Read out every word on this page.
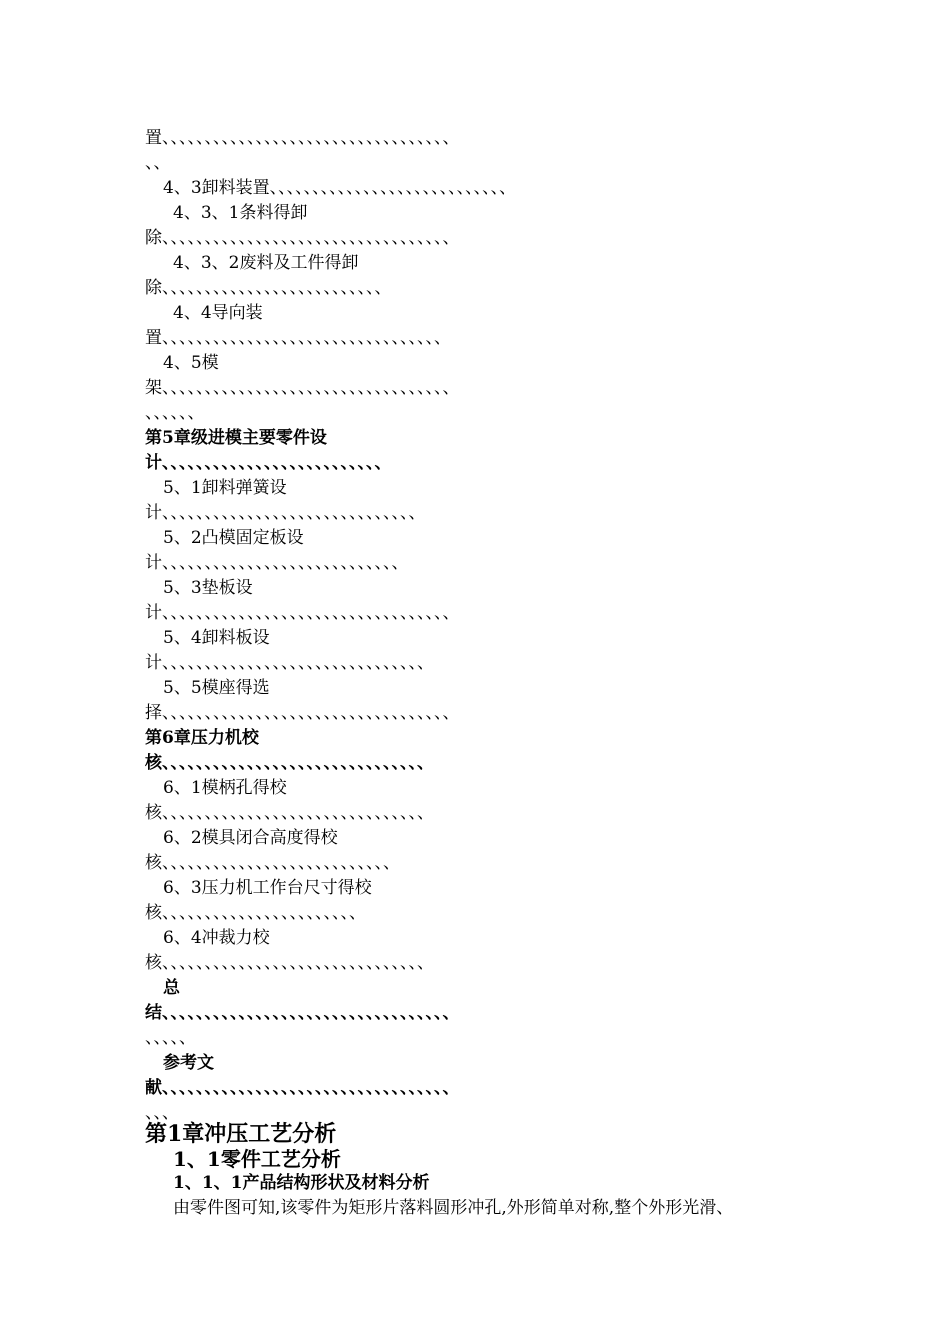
置、、、、、、、、、、、、、、、、、、、、、、、、、、、、、、、、、、
、、
4、3卸料装置、、、、、、、、、、、、、、、、、、、、、、、、、、、、
4、3、1条料得卸
除、、、、、、、、、、、、、、、、、、、、、、、、、、、、、、、、、、
4、3、2废料及工件得卸
除、、、、、、、、、、、、、、、、、、、、、、、、、、
4、4导向装
置、、、、、、、、、、、、、、、、、、、、、、、、、、、、、、、、、
4、5模
架、、、、、、、、、、、、、、、、、、、、、、、、、、、、、、、、、、
、、、、、、
第5章级进模主要零件设
计、、、、、、、、、、、、、、、、、、、、、、、、、、
5、1卸料弹簧设
计、、、、、、、、、、、、、、、、、、、、、、、、、、、、、、
5、2凸模固定板设
计、、、、、、、、、、、、、、、、、、、、、、、、、、、、
5、3垫板设
计、、、、、、、、、、、、、、、、、、、、、、、、、、、、、、、、、、
5、4卸料板设
计、、、、、、、、、、、、、、、、、、、、、、、、、、、、、、、
5、5模座得选
择、、、、、、、、、、、、、、、、、、、、、、、、、、、、、、、、、、
第6章压力机校
核、、、、、、、、、、、、、、、、、、、、、、、、、、、、、、、
6、1模柄孔得校
核、、、、、、、、、、、、、、、、、、、、、、、、、、、、、、、
6、2模具闭合高度得校
核、、、、、、、、、、、、、、、、、、、、、、、、、、、
6、3压力机工作台尺寸得校
核、、、、、、、、、、、、、、、、、、、、、、、
6、4冲裁力校
核、、、、、、、、、、、、、、、、、、、、、、、、、、、、、、、
总
结、、、、、、、、、、、、、、、、、、、、、、、、、、、、、、、、、、
、、、、、
参考文
献、、、、、、、、、、、、、、、、、、、、、、、、、、、、、、、、、、
、、、
第1章冲压工艺分析
1、1零件工艺分析
1、1、1产品结构形状及材料分析
由零件图可知,该零件为矩形片落料圆形冲孔,外形简单对称,整个外形光滑、
